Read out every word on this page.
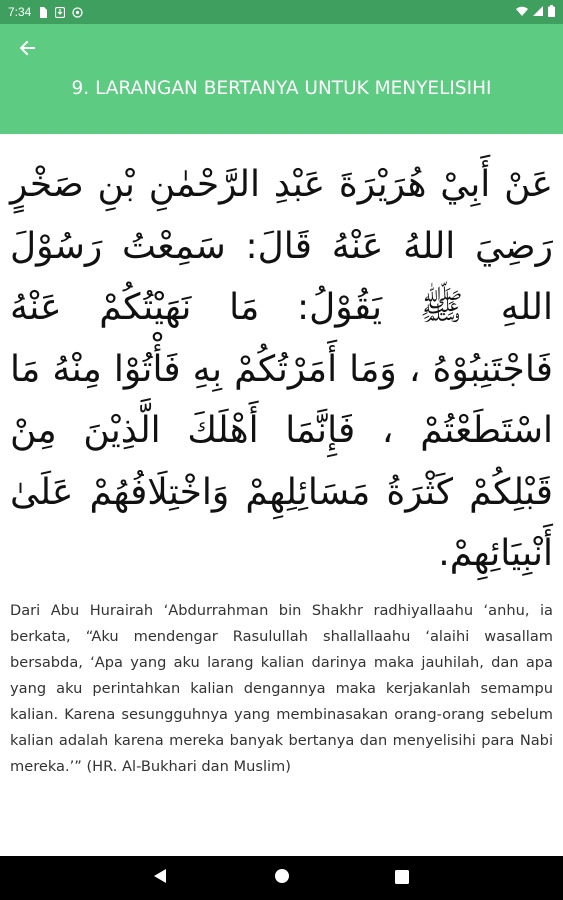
7:34
9. LARANGAN BERTANYA UNTUK MENYELISIHI
عَنْ أَبِيْ هُرَيْرَةَ عَبْدِ الرَّحْمٰنِ بْنِ صَخْرٍ رَضِيَ اللهُ عَنْهُ قَالَ: سَمِعْتُ رَسُوْلَ اللهِ ﷺ يَقُوْلُ: مَا نَهَيْتُكُمْ عَنْهُ فَاجْتَنِبُوْهُ ، وَمَا أَمَرْتُكُمْ بِهِ فَأْتُوْا مِنْهُ مَا اسْتَطَعْتُمْ ، فَإِنَّمَا أَهْلَكَ الَّذِيْنَ مِنْ قَبْلِكُمْ كَثْرَةُ مَسَائِلِهِمْ وَاخْتِلَافُهُمْ عَلَىٰ أَنْبِيَائِهِمْ.
Dari Abu Hurairah ‘Abdurrahman bin Shakhr radhiyallaahu ‘anhu, ia berkata, “Aku mendengar Rasulullah shallallaahu ‘alaihi wasallam bersabda, ‘Apa yang aku larang kalian darinya maka jauhilah, dan apa yang aku perintahkan kalian dengannya maka kerjakanlah semampu kalian. Karena sesungguhnya yang membinasakan orang-orang sebelum kalian adalah karena mereka banyak bertanya dan menyelisihi para Nabi mereka.’” (HR. Al-Bukhari dan Muslim)
